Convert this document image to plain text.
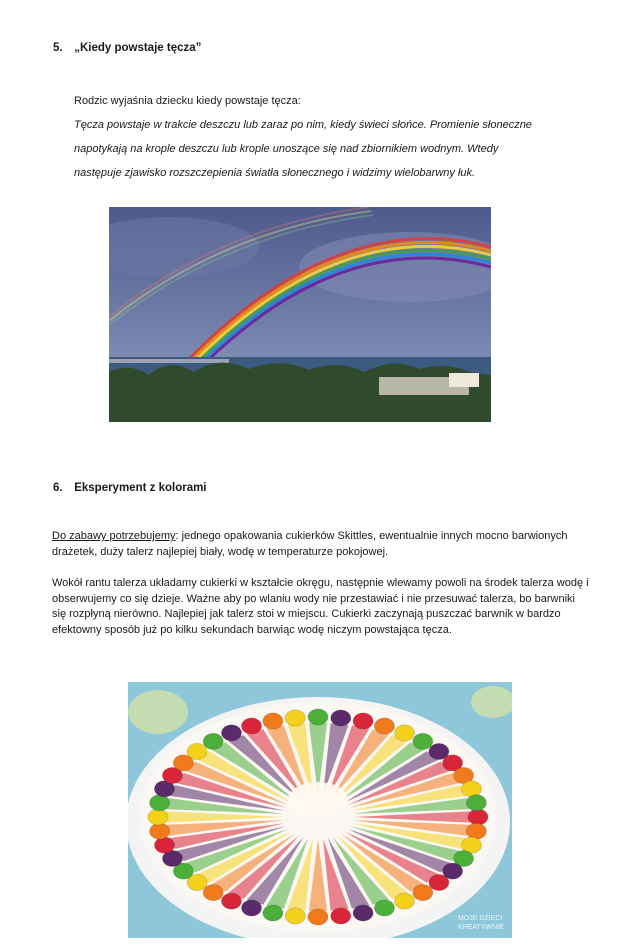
5. „Kiedy powstaje tęcza”

Rodzic wyjaśnia dziecku kiedy powstaje tęcza:

Tęcza powstaje w trakcie deszczu lub zaraz po nim, kiedy świeci słońce. Promienie słoneczne

napotykają na krople deszczu lub krople unoszące się nad zbiornikiem wodnym. Wtedy

następuje zjawisko rozszczepienia światła słonecznego i widzimy wielobarwny łuk.

6. Eksperyment z kolorami

Do zabawy potrzebujemy: jednego opakowania cukierków Skittles, ewentualnie innych mocno barwionych drażetek, duży talerz najlepiej biały, wodę w temperaturze pokojowej.

Wokół rantu talerza układamy cukierki w kształcie okręgu, następnie wlewamy powoli na środek talerza wodę i obserwujemy co się dzieje. Ważne aby po wlaniu wody nie przestawiać i nie przesuwać talerza, bo barwniki się rozpłyną nierówno. Najlepiej jak talerz stoi w miejscu. Cukierki zaczynają puszczać barwnik w bardzo efektowny sposób już po kilku sekundach barwiąc wodę niczym powstająca tęcza.

MOJE DZIECI
KREATYWNIE
